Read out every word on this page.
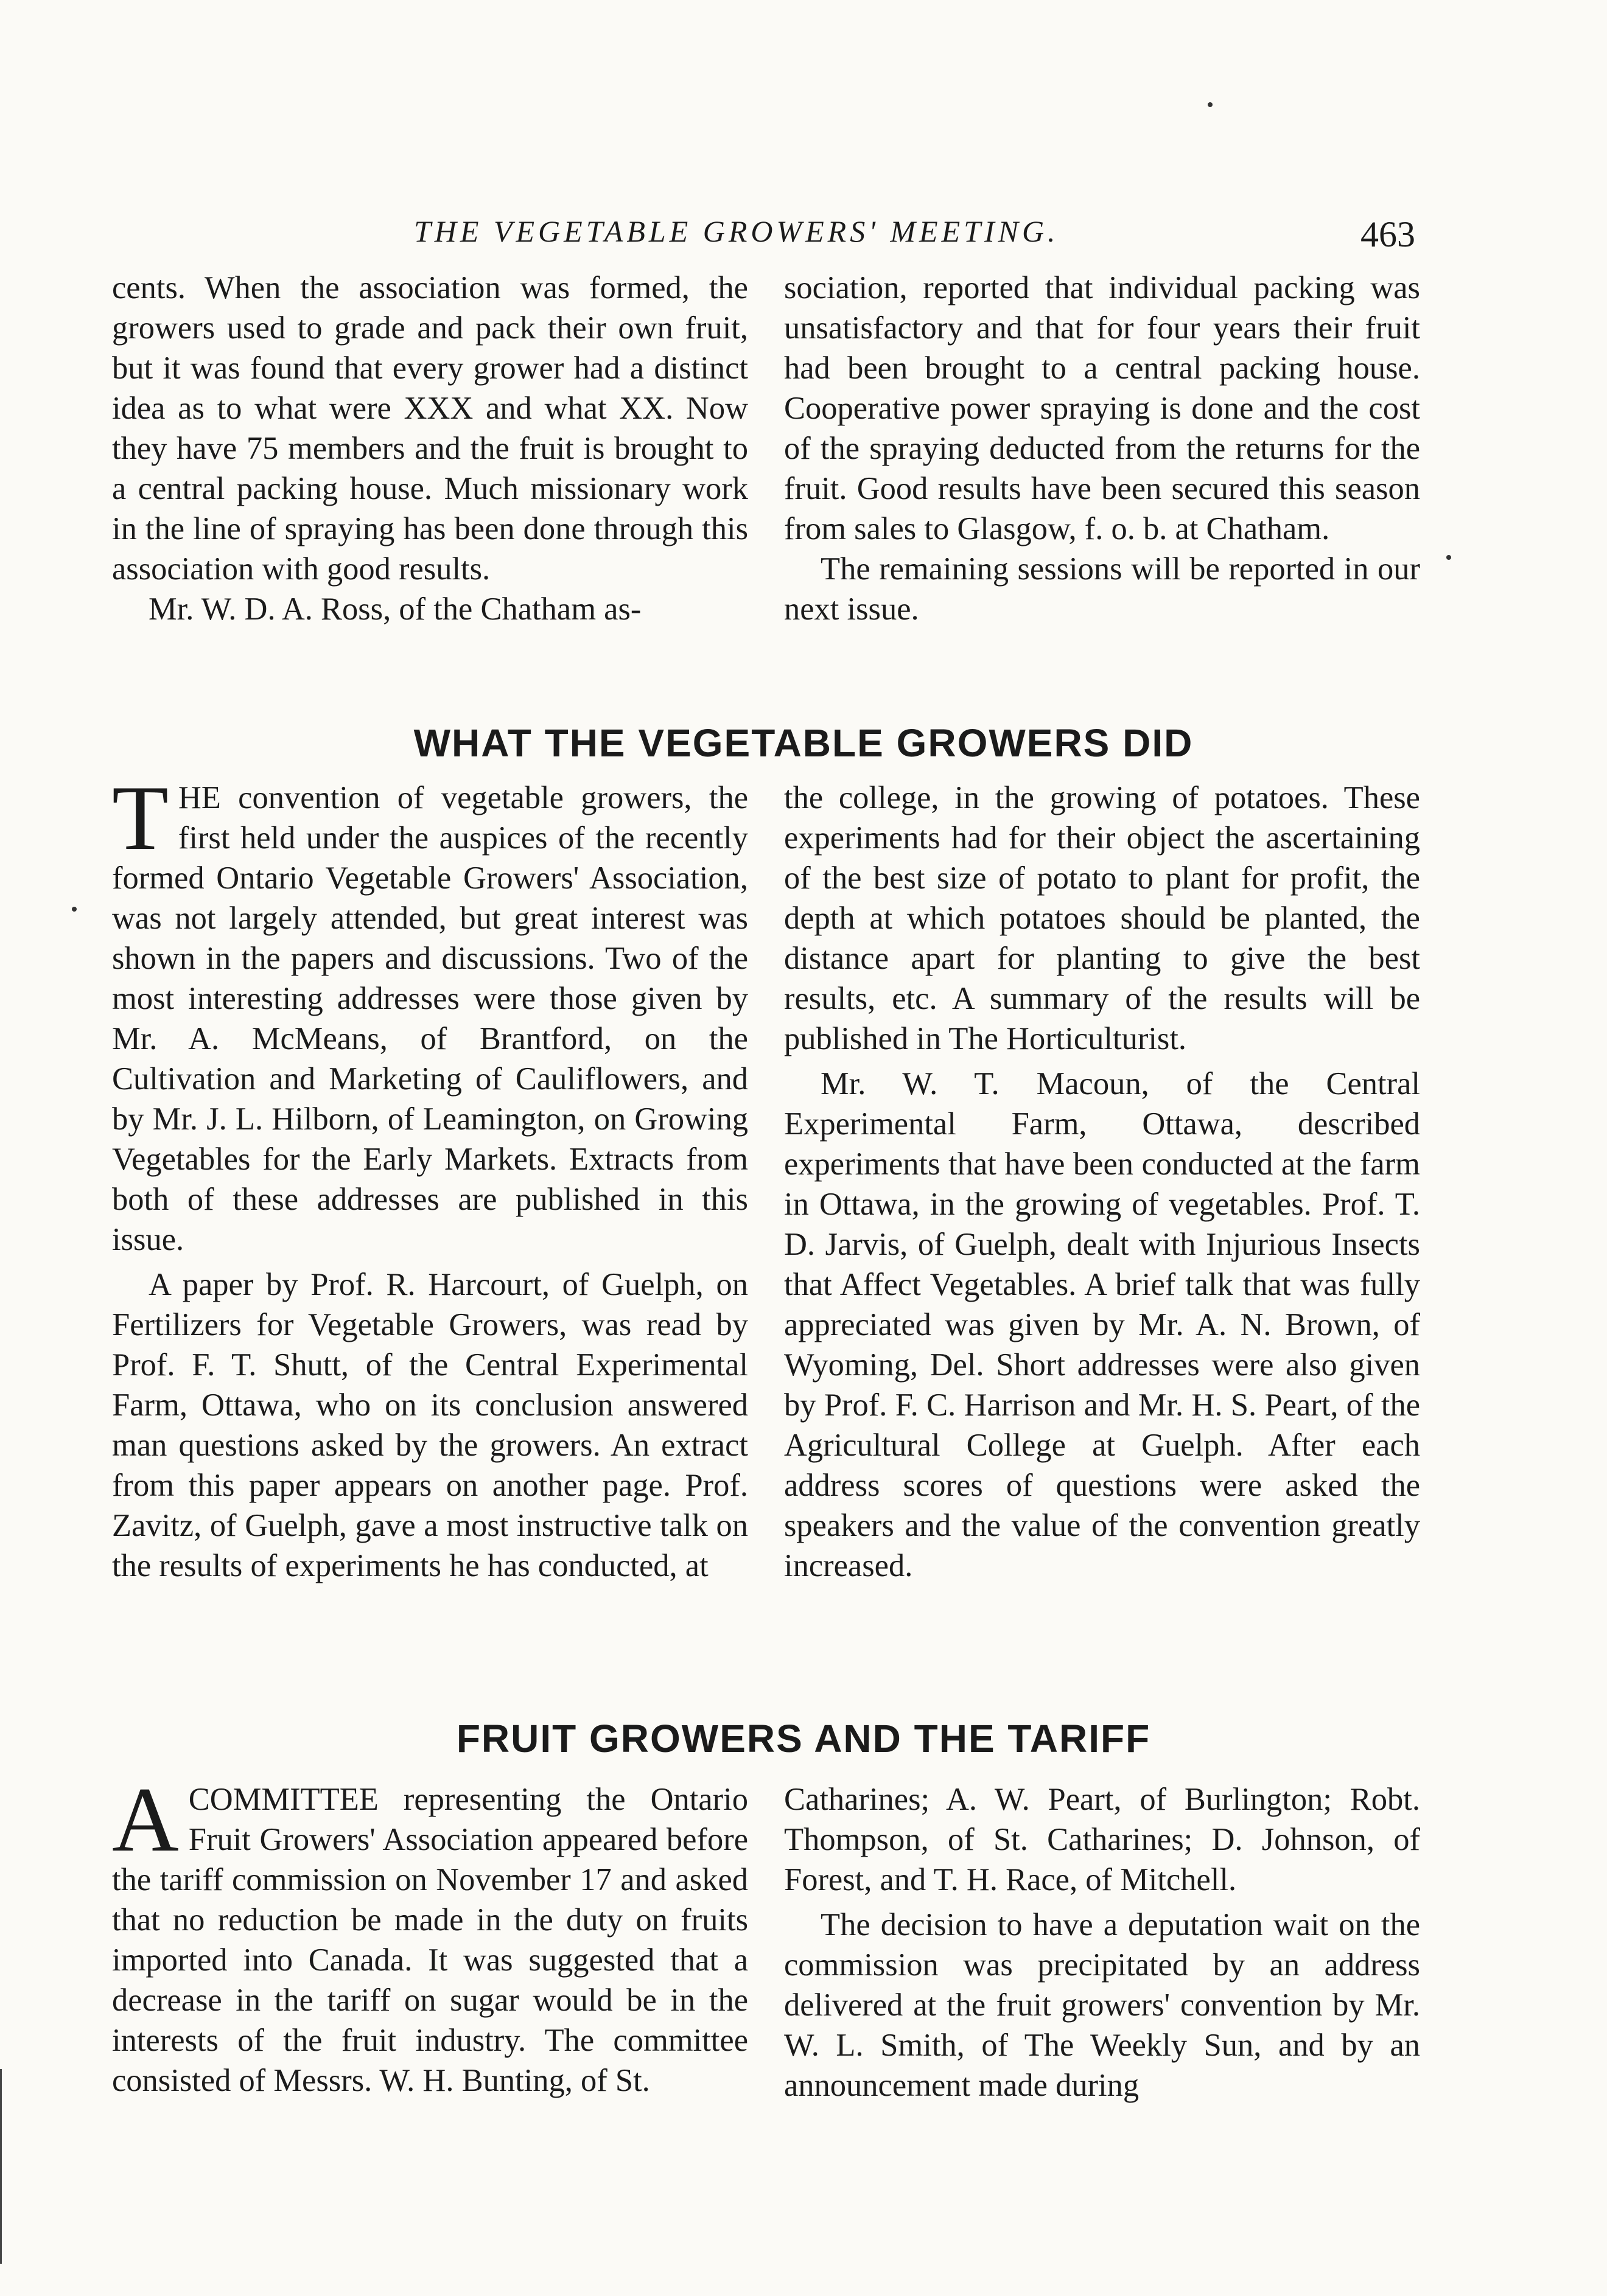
THE VEGETABLE GROWERS' MEETING.	463

cents. When the association was formed, the growers used to grade and pack their own fruit, but it was found that every grower had a distinct idea as to what were XXX and what XX. Now they have 75 members and the fruit is brought to a central packing house. Much missionary work in the line of spraying has been done through this association with good results.

Mr. W. D. A. Ross, of the Chatham as-

sociation, reported that individual packing was unsatisfactory and that for four years their fruit had been brought to a central packing house. Cooperative power spraying is done and the cost of the spraying deducted from the returns for the fruit. Good results have been secured this season from sales to Glasgow, f. o. b. at Chatham.

The remaining sessions will be reported in our next issue.

WHAT THE VEGETABLE GROWERS DID

THE convention of vegetable growers, the first held under the auspices of the recently formed Ontario Vegetable Growers' Association, was not largely attended, but great interest was shown in the papers and discussions. Two of the most interesting addresses were those given by Mr. A. McMeans, of Brantford, on the Cultivation and Marketing of Cauliflowers, and by Mr. J. L. Hilborn, of Leamington, on Growing Vegetables for the Early Markets. Extracts from both of these addresses are published in this issue.

A paper by Prof. R. Harcourt, of Guelph, on Fertilizers for Vegetable Growers, was read by Prof. F. T. Shutt, of the Central Experimental Farm, Ottawa, who on its conclusion answered man questions asked by the growers. An extract from this paper appears on another page. Prof. Zavitz, of Guelph, gave a most instructive talk on the results of experiments he has conducted, at

the college, in the growing of potatoes. These experiments had for their object the ascertaining of the best size of potato to plant for profit, the depth at which potatoes should be planted, the distance apart for planting to give the best results, etc. A summary of the results will be published in The Horticulturist.

Mr. W. T. Macoun, of the Central Experimental Farm, Ottawa, described experiments that have been conducted at the farm in Ottawa, in the growing of vegetables. Prof. T. D. Jarvis, of Guelph, dealt with Injurious Insects that Affect Vegetables. A brief talk that was fully appreciated was given by Mr. A. N. Brown, of Wyoming, Del. Short addresses were also given by Prof. F. C. Harrison and Mr. H. S. Peart, of the Agricultural College at Guelph. After each address scores of questions were asked the speakers and the value of the convention greatly increased.

FRUIT GROWERS AND THE TARIFF

ACOMMITTEE representing the Ontario Fruit Growers' Association appeared before the tariff commission on November 17 and asked that no reduction be made in the duty on fruits imported into Canada. It was suggested that a decrease in the tariff on sugar would be in the interests of the fruit industry. The committee consisted of Messrs. W. H. Bunting, of St.

Catharines; A. W. Peart, of Burlington; Robt. Thompson, of St. Catharines; D. Johnson, of Forest, and T. H. Race, of Mitchell.

The decision to have a deputation wait on the commission was precipitated by an address delivered at the fruit growers' convention by Mr. W. L. Smith, of The Weekly Sun, and by an announcement made during
